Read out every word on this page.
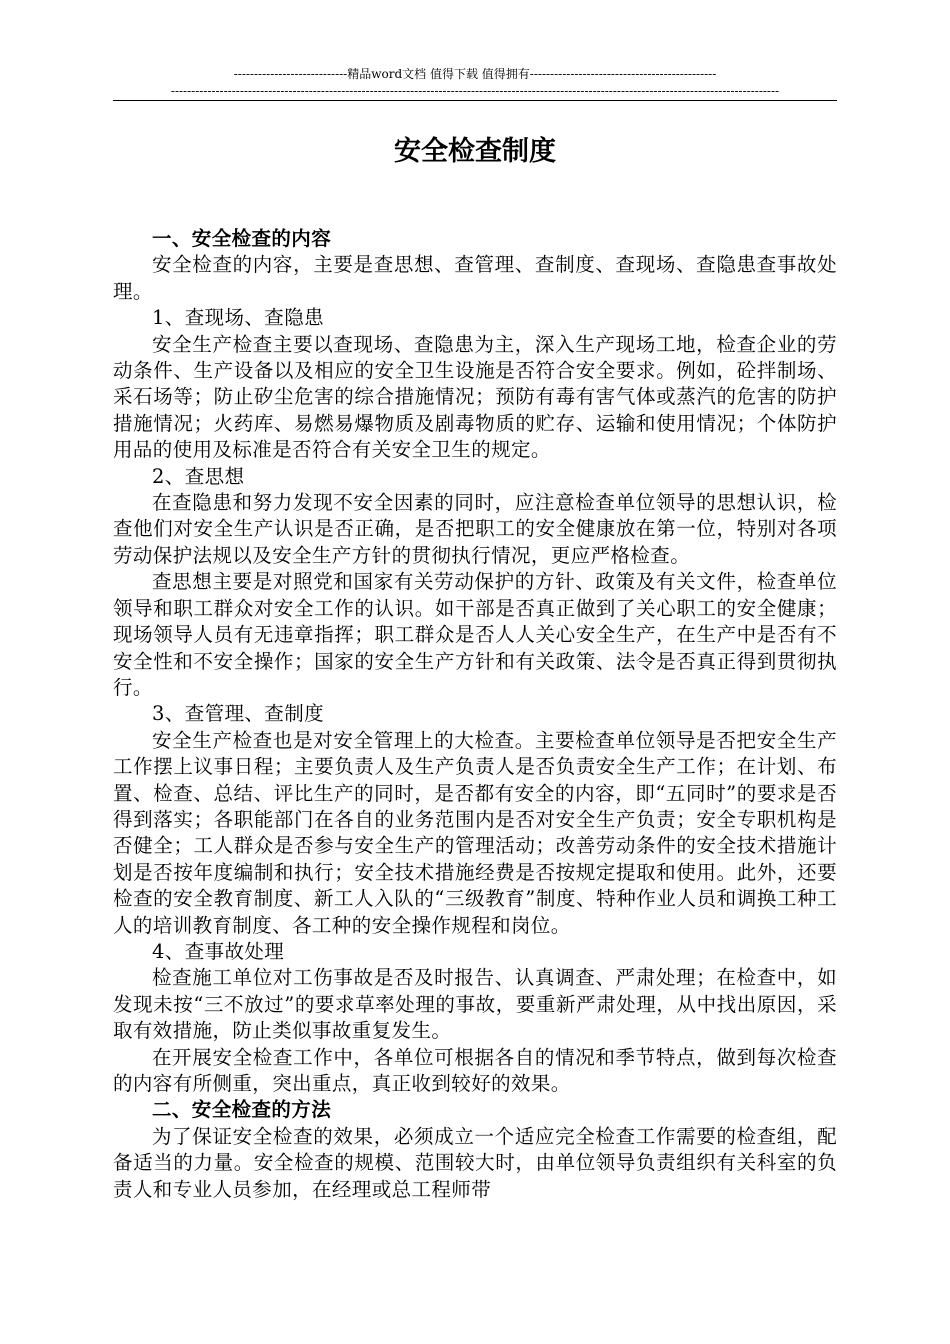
----------------------------精品word文档 值得下载 值得拥有----------------------------------------------
------------------------------------------------------------------------------------------------------------------------------------------------------
安全检查制度

一、安全检查的内容

安全检查的内容，主要是查思想、查管理、查制度、查现场、查隐患查事故处理。

1、查现场、查隐患

安全生产检查主要以查现场、查隐患为主，深入生产现场工地，检查企业的劳动条件、生产设备以及相应的安全卫生设施是否符合安全要求。例如，砼拌制场、采石场等；防止矽尘危害的综合措施情况；预防有毒有害气体或蒸汽的危害的防护措施情况；火药库、易燃易爆物质及剧毒物质的贮存、运输和使用情况；个体防护用品的使用及标准是否符合有关安全卫生的规定。

2、查思想

在查隐患和努力发现不安全因素的同时，应注意检查单位领导的思想认识，检查他们对安全生产认识是否正确，是否把职工的安全健康放在第一位，特别对各项劳动保护法规以及安全生产方针的贯彻执行情况，更应严格检查。

查思想主要是对照党和国家有关劳动保护的方针、政策及有关文件，检查单位领导和职工群众对安全工作的认识。如干部是否真正做到了关心职工的安全健康；现场领导人员有无违章指挥；职工群众是否人人关心安全生产，在生产中是否有不安全性和不安全操作；国家的安全生产方针和有关政策、法令是否真正得到贯彻执行。

3、查管理、查制度

安全生产检查也是对安全管理上的大检查。主要检查单位领导是否把安全生产工作摆上议事日程；主要负责人及生产负责人是否负责安全生产工作；在计划、布置、检查、总结、评比生产的同时，是否都有安全的内容，即“五同时”的要求是否得到落实；各职能部门在各自的业务范围内是否对安全生产负责；安全专职机构是否健全；工人群众是否参与安全生产的管理活动；改善劳动条件的安全技术措施计划是否按年度编制和执行；安全技术措施经费是否按规定提取和使用。此外，还要检查的安全教育制度、新工人入队的“三级教育”制度、特种作业人员和调换工种工人的培训教育制度、各工种的安全操作规程和岗位。

4、查事故处理

检查施工单位对工伤事故是否及时报告、认真调查、严肃处理；在检查中，如发现未按“三不放过”的要求草率处理的事故，要重新严肃处理，从中找出原因，采取有效措施，防止类似事故重复发生。

在开展安全检查工作中，各单位可根据各自的情况和季节特点，做到每次检查的内容有所侧重，突出重点，真正收到较好的效果。

二、安全检查的方法

为了保证安全检查的效果，必须成立一个适应完全检查工作需要的检查组，配备适当的力量。安全检查的规模、范围较大时，由单位领导负责组织有关科室的负责人和专业人员参加，在经理或总工程师带
